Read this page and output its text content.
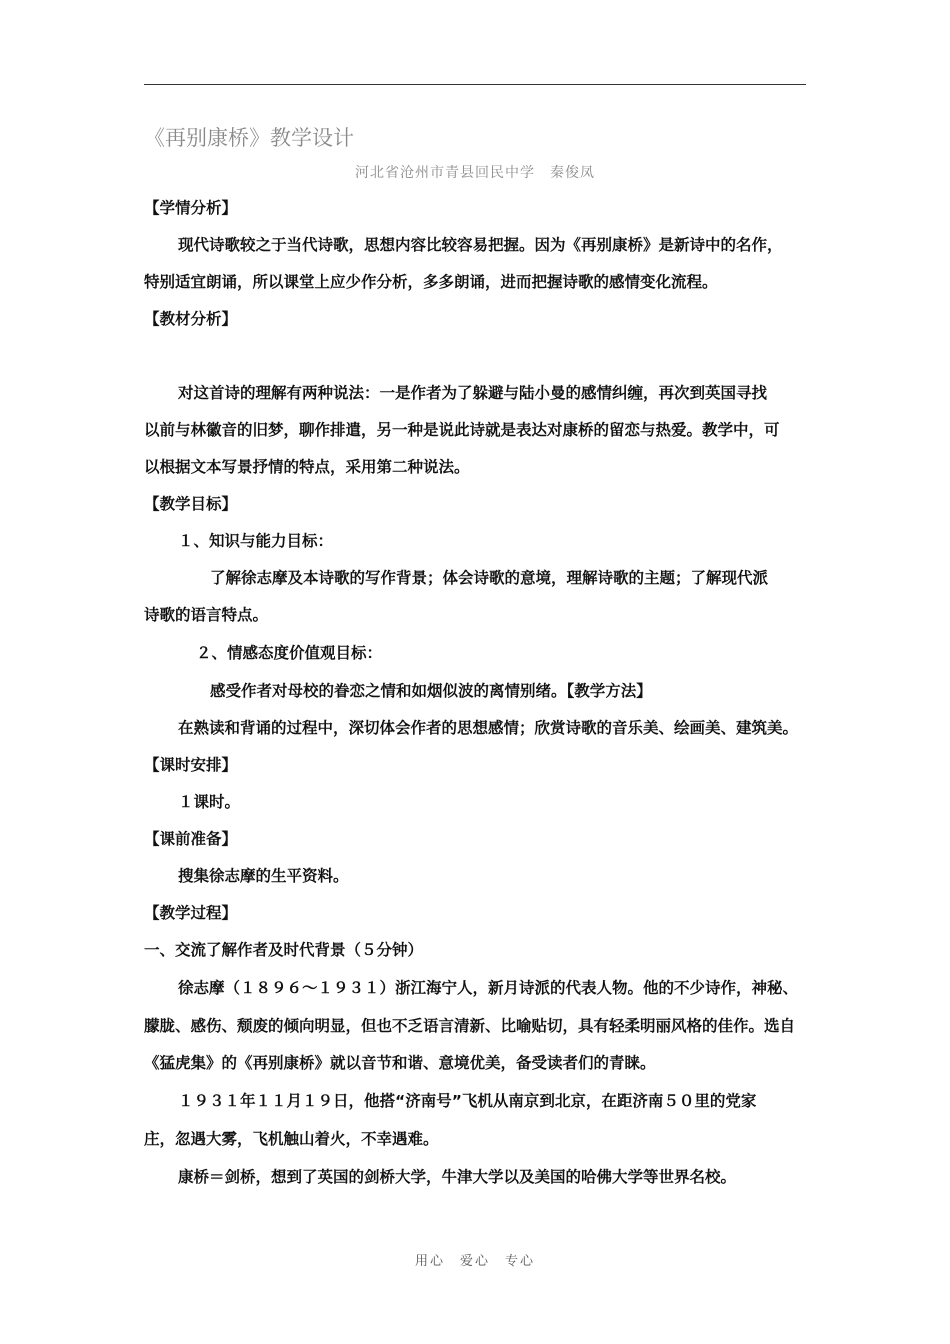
《再别康桥》教学设计
河北省沧州市青县回民中学　秦俊凤
【学情分析】
现代诗歌较之于当代诗歌，思想内容比较容易把握。因为《再别康桥》是新诗中的名作，
特别适宜朗诵，所以课堂上应少作分析，多多朗诵，进而把握诗歌的感情变化流程。
【教材分析】
对这首诗的理解有两种说法：一是作者为了躲避与陆小曼的感情纠缠，再次到英国寻找
以前与林徽音的旧梦，聊作排遣，另一种是说此诗就是表达对康桥的留恋与热爱。教学中，可
以根据文本写景抒情的特点，采用第二种说法。
【教学目标】
１、知识与能力目标：
了解徐志摩及本诗歌的写作背景；体会诗歌的意境，理解诗歌的主题；了解现代派
诗歌的语言特点。
２、情感态度价值观目标：
感受作者对母校的眷恋之情和如烟似波的离情别绪。【教学方法】
在熟读和背诵的过程中，深切体会作者的思想感情；欣赏诗歌的音乐美、绘画美、建筑美。
【课时安排】
１课时。
【课前准备】
搜集徐志摩的生平资料。
【教学过程】
一、交流了解作者及时代背景（５分钟）
徐志摩（１８９６～１９３１）浙江海宁人，新月诗派的代表人物。他的不少诗作，神秘、
朦胧、感伤、颓废的倾向明显，但也不乏语言清新、比喻贴切，具有轻柔明丽风格的佳作。选自
《猛虎集》的《再别康桥》就以音节和谐、意境优美，备受读者们的青睐。
１９３１年１１月１９日，他搭“济南号”飞机从南京到北京，在距济南５０里的党家
庄，忽遇大雾，飞机触山着火，不幸遇难。
康桥＝剑桥，想到了英国的剑桥大学，牛津大学以及美国的哈佛大学等世界名校。
用心　爱心　专心
